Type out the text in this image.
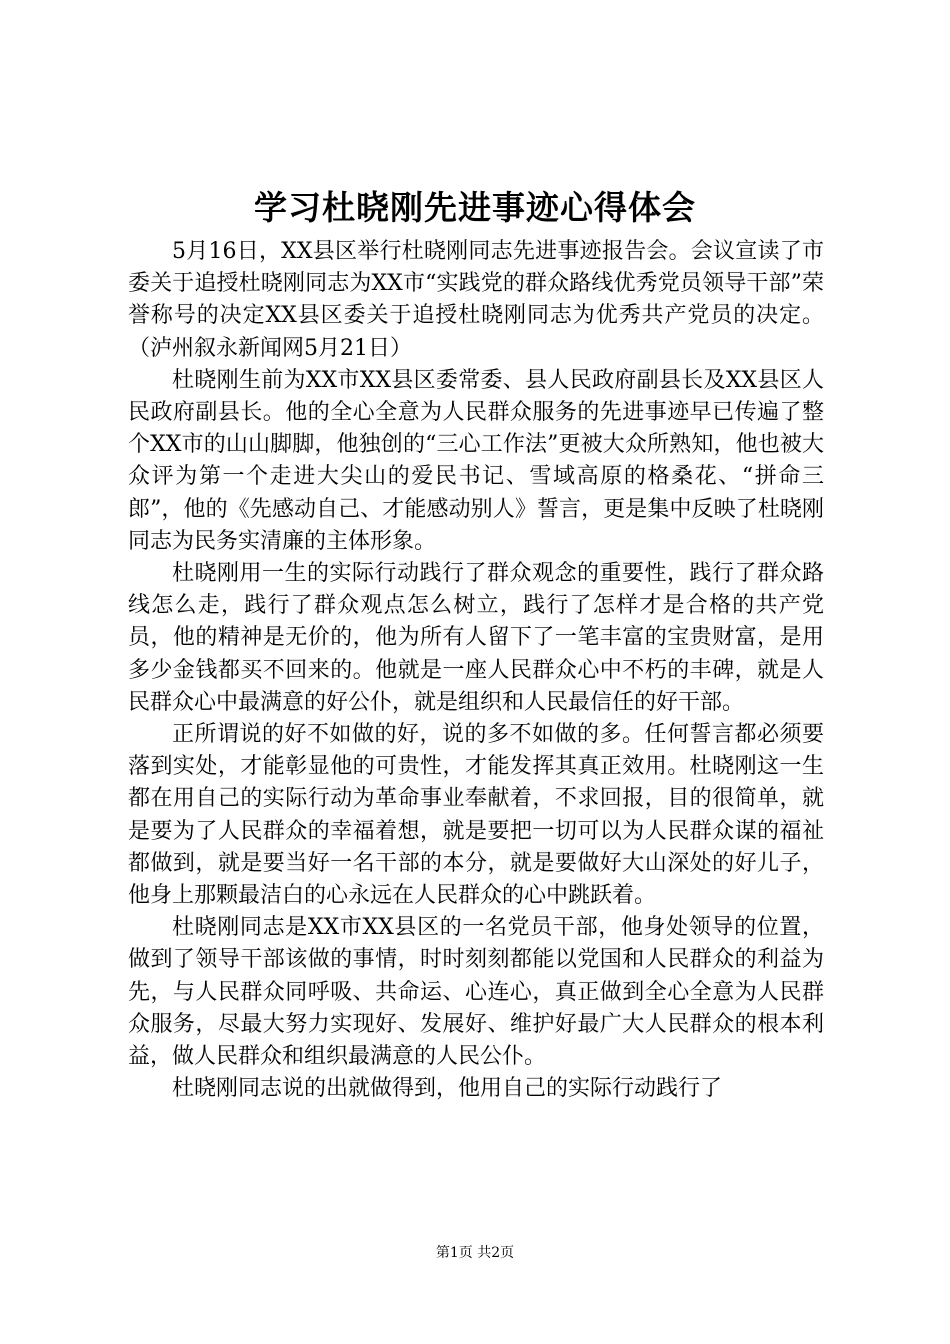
学习杜晓刚先进事迹心得体会

5月16日，XX县区举行杜晓刚同志先进事迹报告会。会议宣读了市委关于追授杜晓刚同志为XX市“实践党的群众路线优秀党员领导干部”荣誉称号的决定XX县区委关于追授杜晓刚同志为优秀共产党员的决定。（泸州叙永新闻网5月21日）

杜晓刚生前为XX市XX县区委常委、县人民政府副县长及XX县区人民政府副县长。他的全心全意为人民群众服务的先进事迹早已传遍了整个XX市的山山脚脚，他独创的“三心工作法”更被大众所熟知，他也被大众评为第一个走进大尖山的爱民书记、雪域高原的格桑花、“拼命三郎”，他的《先感动自己、才能感动别人》誓言，更是集中反映了杜晓刚同志为民务实清廉的主体形象。

杜晓刚用一生的实际行动践行了群众观念的重要性，践行了群众路线怎么走，践行了群众观点怎么树立，践行了怎样才是合格的共产党员，他的精神是无价的，他为所有人留下了一笔丰富的宝贵财富，是用多少金钱都买不回来的。他就是一座人民群众心中不朽的丰碑，就是人民群众心中最满意的好公仆，就是组织和人民最信任的好干部。

正所谓说的好不如做的好，说的多不如做的多。任何誓言都必须要落到实处，才能彰显他的可贵性，才能发挥其真正效用。杜晓刚这一生都在用自己的实际行动为革命事业奉献着，不求回报，目的很简单，就是要为了人民群众的幸福着想，就是要把一切可以为人民群众谋的福祉都做到，就是要当好一名干部的本分，就是要做好大山深处的好儿子，他身上那颗最洁白的心永远在人民群众的心中跳跃着。

杜晓刚同志是XX市XX县区的一名党员干部，他身处领导的位置，做到了领导干部该做的事情，时时刻刻都能以党国和人民群众的利益为先，与人民群众同呼吸、共命运、心连心，真正做到全心全意为人民群众服务，尽最大努力实现好、发展好、维护好最广大人民群众的根本利益，做人民群众和组织最满意的人民公仆。

杜晓刚同志说的出就做得到，他用自己的实际行动践行了

第1页 共2页
